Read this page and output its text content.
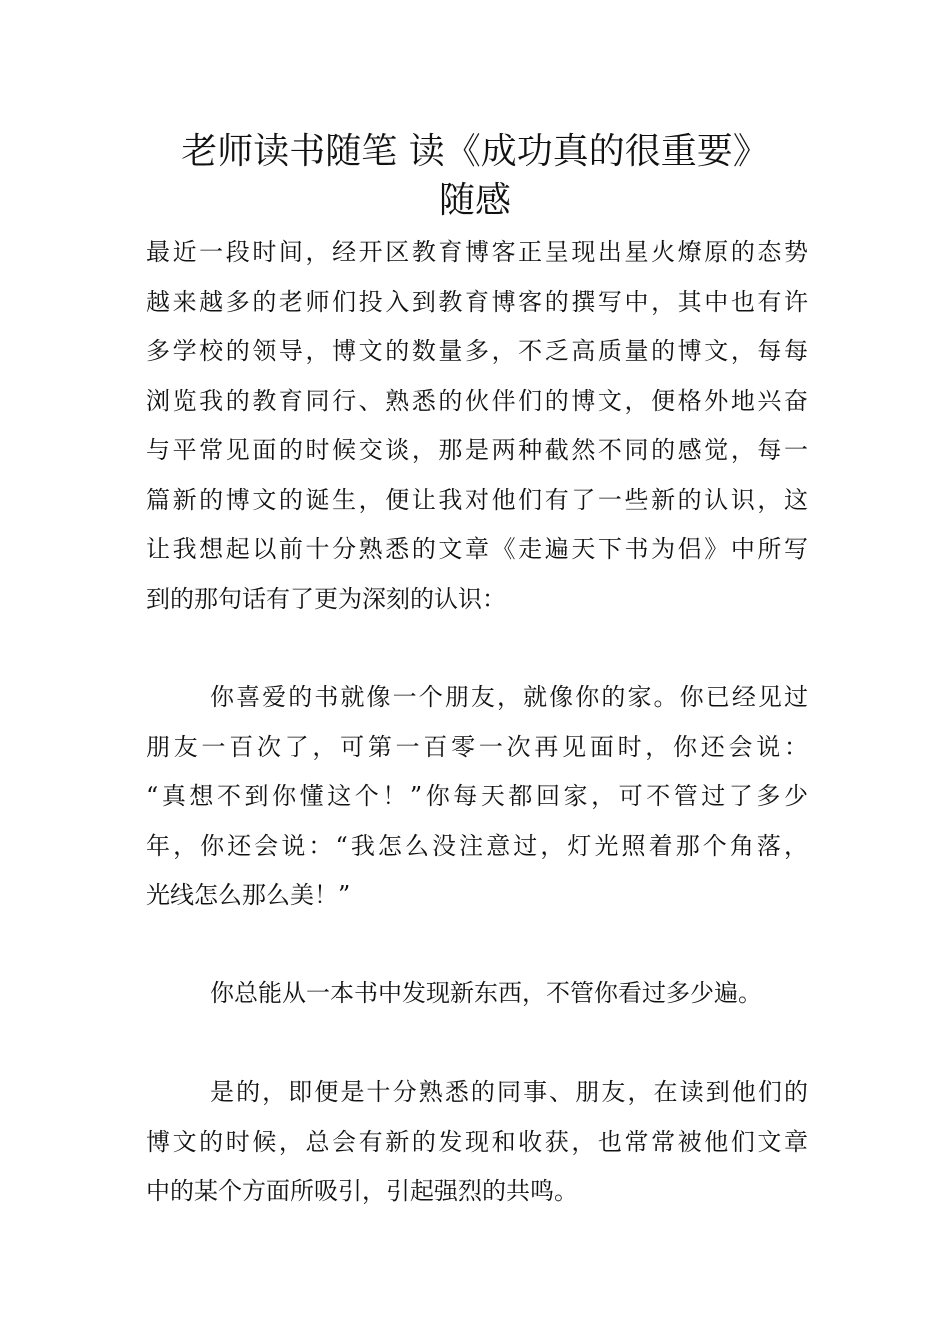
老师读书随笔 读《成功真的很重要》
随感
最近一段时间，经开区教育博客正呈现出星火燎原的态势
越来越多的老师们投入到教育博客的撰写中，其中也有许
多学校的领导，博文的数量多，不乏高质量的博文，每每
浏览我的教育同行、熟悉的伙伴们的博文，便格外地兴奋
与平常见面的时候交谈，那是两种截然不同的感觉，每一
篇新的博文的诞生，便让我对他们有了一些新的认识，这
让我想起以前十分熟悉的文章《走遍天下书为侣》中所写
到的那句话有了更为深刻的认识：
你喜爱的书就像一个朋友，就像你的家。你已经见过
朋友一百次了，可第一百零一次再见面时，你还会说：
“真想不到你懂这个！”你每天都回家，可不管过了多少
年，你还会说：“我怎么没注意过，灯光照着那个角落，
光线怎么那么美！”
你总能从一本书中发现新东西，不管你看过多少遍。
是的，即便是十分熟悉的同事、朋友，在读到他们的
博文的时候，总会有新的发现和收获，也常常被他们文章
中的某个方面所吸引，引起强烈的共鸣。
